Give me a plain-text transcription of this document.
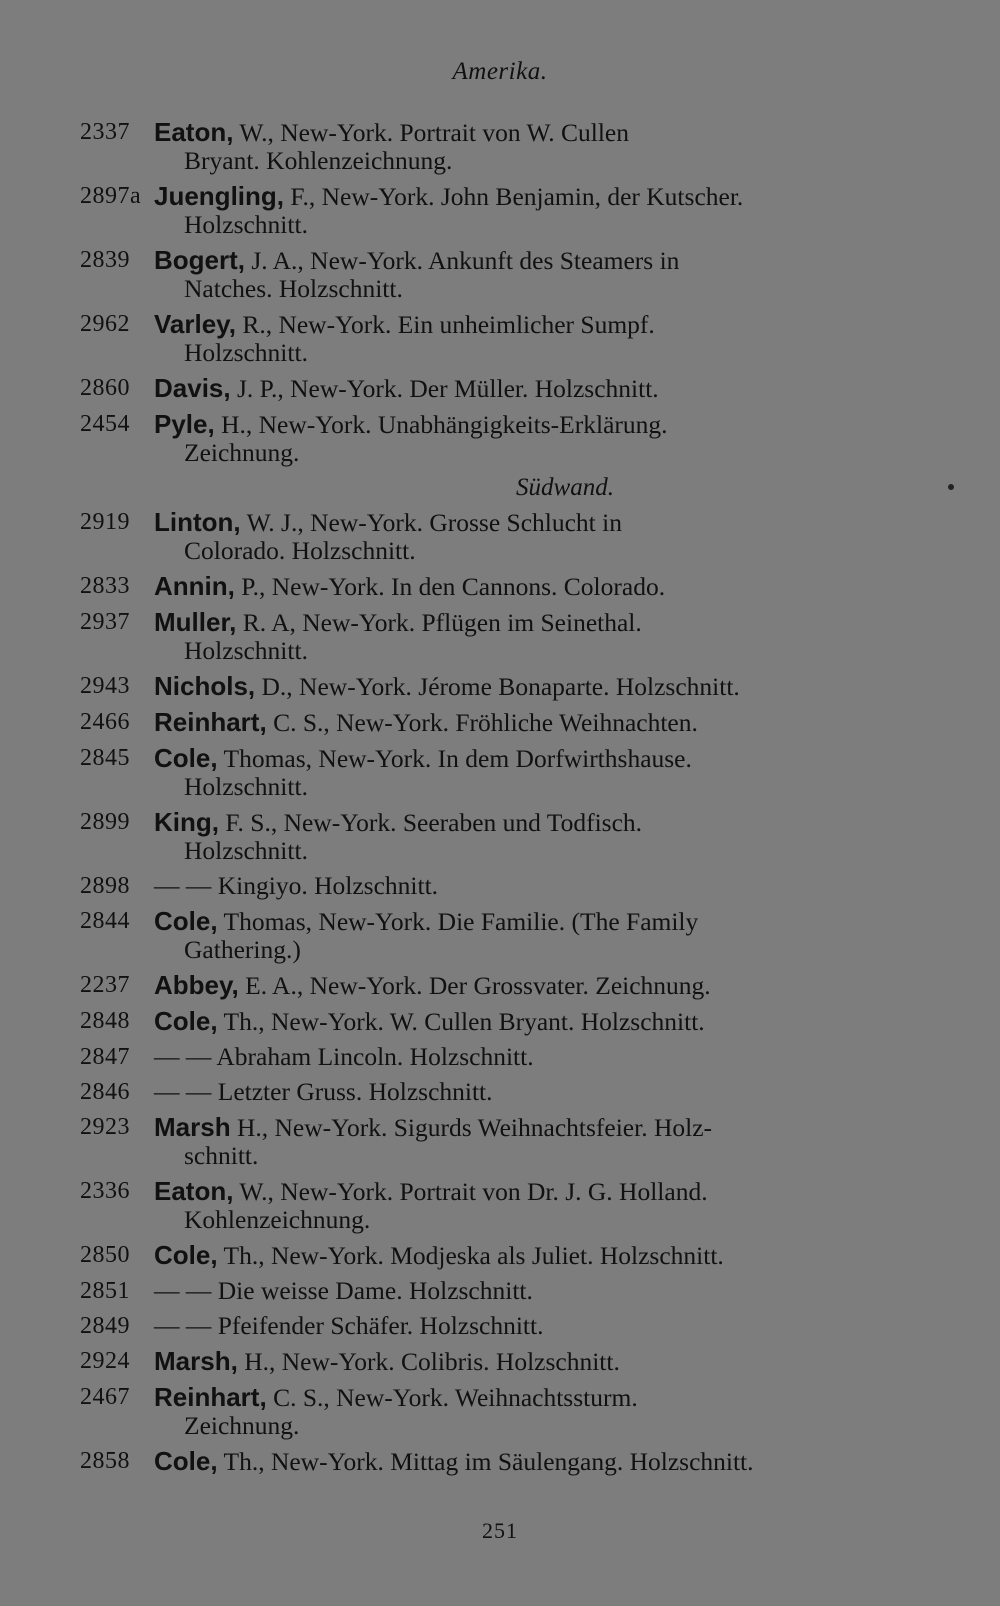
Amerika.
2337 Eaton, W., New-York. Portrait von W. Cullen
Bryant. Kohlenzeichnung.
2897a Juengling, F., New-York. John Benjamin, der Kutscher.
Holzschnitt.
2839 Bogert, J. A., New-York. Ankunft des Steamers in
Natches. Holzschnitt.
2962 Varley, R., New-York. Ein unheimlicher Sumpf.
Holzschnitt.
2860 Davis, J. P., New-York. Der Müller. Holzschnitt.
2454 Pyle, H., New-York. Unabhängigkeits-Erklärung.
Zeichnung.
Südwand.
2919 Linton, W. J., New-York. Grosse Schlucht in
Colorado. Holzschnitt.
2833 Annin, P., New-York. In den Cannons. Colorado.
2937 Muller, R. A, New-York. Pflügen im Seinethal.
Holzschnitt.
2943 Nichols, D., New-York. Jérome Bonaparte. Holzschnitt.
2466 Reinhart, C. S., New-York. Fröhliche Weihnachten.
2845 Cole, Thomas, New-York. In dem Dorfwirthshause.
Holzschnitt.
2899 King, F. S., New-York. Seeraben und Todfisch.
Holzschnitt.
2898 — — Kingiyo. Holzschnitt.
2844 Cole, Thomas, New-York. Die Familie. (The Family
Gathering.)
2237 Abbey, E. A., New-York. Der Grossvater. Zeichnung.
2848 Cole, Th., New-York. W. Cullen Bryant. Holzschnitt.
2847 — — Abraham Lincoln. Holzschnitt.
2846 — — Letzter Gruss. Holzschnitt.
2923 Marsh H., New-York. Sigurds Weihnachtsfeier. Holz-
schnitt.
2336 Eaton, W., New-York. Portrait von Dr. J. G. Holland.
Kohlenzeichnung.
2850 Cole, Th., New-York. Modjeska als Juliet. Holzschnitt.
2851 — — Die weisse Dame. Holzschnitt.
2849 — — Pfeifender Schäfer. Holzschnitt.
2924 Marsh, H., New-York. Colibris. Holzschnitt.
2467 Reinhart, C. S., New-York. Weihnachtssturm.
Zeichnung.
2858 Cole, Th., New-York. Mittag im Säulengang. Holzschnitt.
251
